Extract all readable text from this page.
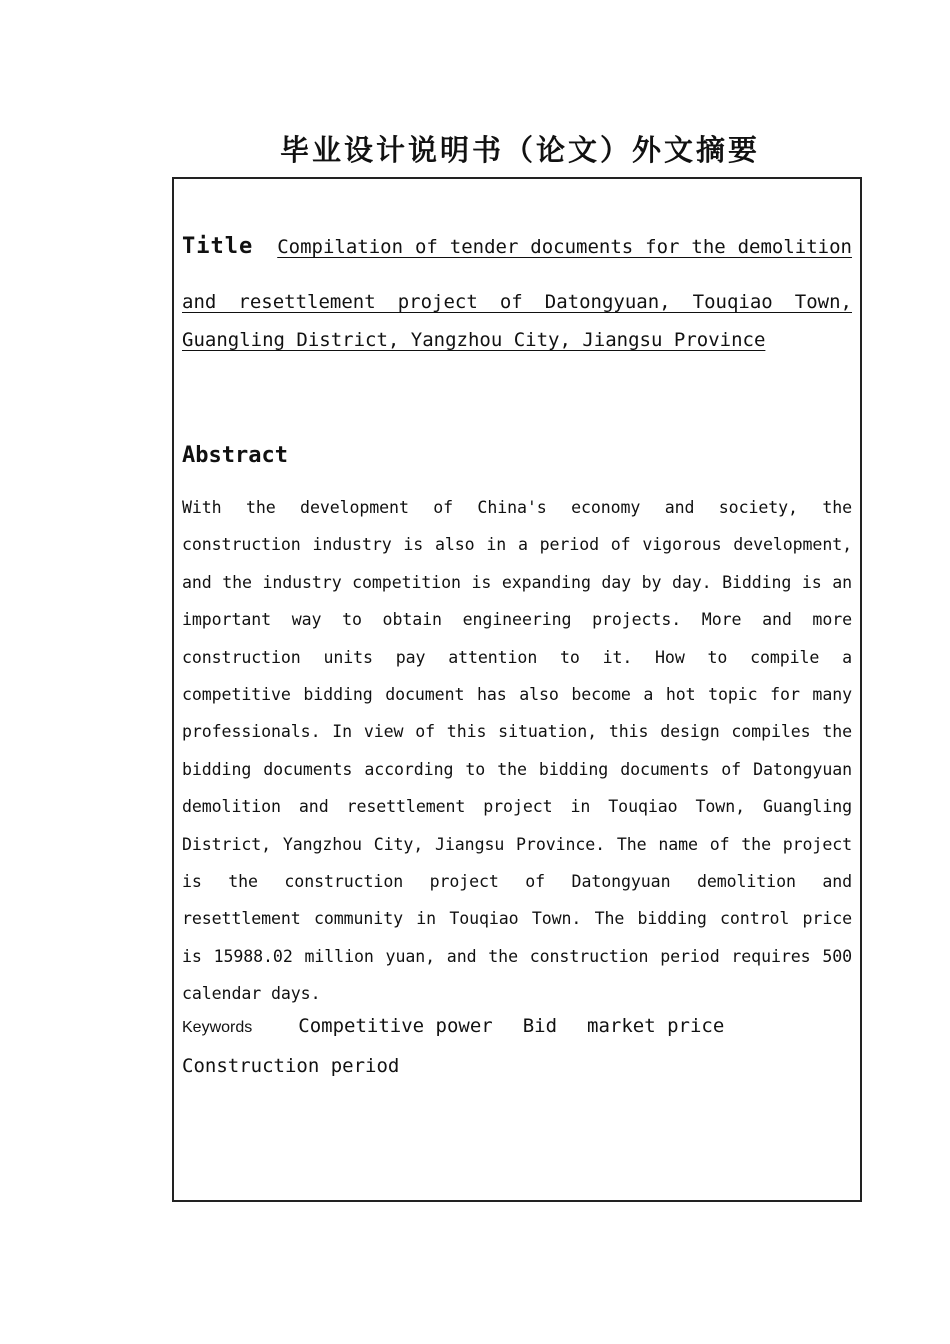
毕业设计说明书（论文）外文摘要
Title Compilation of tender documents for the demolition
and resettlement project of Datongyuan, Touqiao Town,
Guangling District, Yangzhou City, Jiangsu Province
Abstract
With the development of China's economy and society, the construction industry is also in a period of vigorous development, and the industry competition is expanding day by day. Bidding is an important way to obtain engineering projects. More and more construction units pay attention to it. How to compile a competitive bidding document has also become a hot topic for many professionals. In view of this situation, this design compiles the bidding documents according to the bidding documents of Datongyuan demolition and resettlement project in Touqiao Town, Guangling District, Yangzhou City, Jiangsu Province. The name of the project is the construction project of Datongyuan demolition and resettlement community in Touqiao Town. The bidding control price is 15988.02 million yuan, and the construction period requires 500 calendar days.
Keywords Competitive power Bid market price
Construction period
